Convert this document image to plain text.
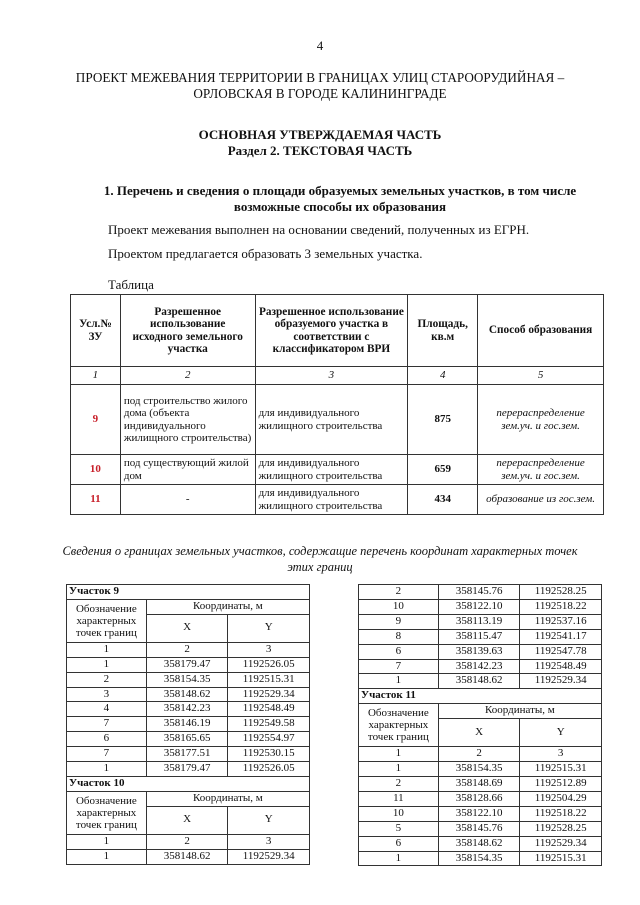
4
ПРОЕКТ МЕЖЕВАНИЯ ТЕРРИТОРИИ В ГРАНИЦАХ УЛИЦ СТАРООРУДИЙНАЯ – ОРЛОВСКАЯ В ГОРОДЕ КАЛИНИНГРАДЕ
ОСНОВНАЯ УТВЕРЖДАЕМАЯ ЧАСТЬ
Раздел 2. ТЕКСТОВАЯ ЧАСТЬ
1. Перечень и сведения о площади образуемых земельных участков, в том числе возможные способы их образования
Проект межевания выполнен на основании сведений, полученных из ЕГРН.
Проектом предлагается образовать 3 земельных участка.
Таблица
Усл.№ ЗУ	Разрешенное использование исходного земельного участка	Разрешенное использование образуемого участка в соответствии с классификатором ВРИ	Площадь, кв.м	Способ образования
1	2	3	4	5
9	под строительство жилого дома (объекта индивидуального жилищного строительства)	для индивидуального жилищного строительства	875	перераспределение зем.уч. и гос.зем.
10	под существующий жилой дом	для индивидуального жилищного строительства	659	перераспределение зем.уч. и гос.зем.
11	-	для индивидуального жилищного строительства	434	образование из гос.зем.
Сведения о границах земельных участков, содержащие перечень координат характерных точек этих границ
Участок 9		
Обозначение характерных точек границ	Координаты, м	
	X	Y
1	2	3
1	358179.47	1192526.05
2	358154.35	1192515.31
3	358148.62	1192529.34
4	358142.23	1192548.49
7	358146.19	1192549.58
6	358165.65	1192554.97
7	358177.51	1192530.15
1	358179.47	1192526.05
Участок 10		
Обозначение характерных точек границ	Координаты, м	
	X	Y
1	2	3
1	358148.62	1192529.34
2	358145.76	1192528.25
10	358122.10	1192518.22
9	358113.19	1192537.16
8	358115.47	1192541.17
6	358139.63	1192547.78
7	358142.23	1192548.49
1	358148.62	1192529.34
Участок 11		
Обозначение характерных точек границ	Координаты, м	
	X	Y
1	2	3
1	358154.35	1192515.31
2	358148.69	1192512.89
11	358128.66	1192504.29
10	358122.10	1192518.22
5	358145.76	1192528.25
6	358148.62	1192529.34
1	358154.35	1192515.31
